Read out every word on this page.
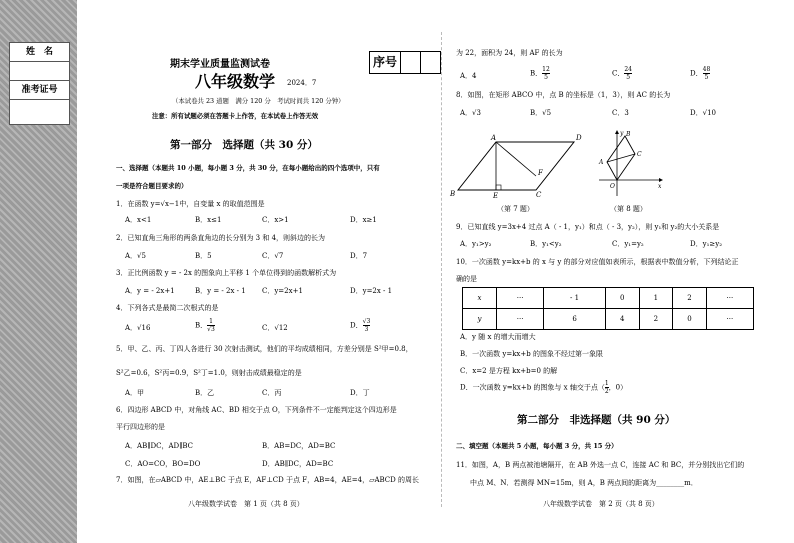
姓　名
准考证号
期末学业质量监测试卷
八年级数学 2024．7
（本试卷共 23 道题　满分 120 分　考试时间共 120 分钟）
注意：所有试题必须在答题卡上作答，在本试卷上作答无效
序号
第一部分　选择题（共 30 分）
一、选择题（本题共 10 小题，每小题 3 分，共 30 分，在每小题给出的四个选项中，只有
一项是符合题目要求的）
1．在函数 y=√x−1中，自变量 x 的取值范围是
A．x<1	B．x≤1	C．x>1	D．x≥1
2．已知直角三角形的两条直角边的长分别为 3 和 4，则斜边的长为
A．√5	B．5	C．√7	D．7
3．正比例函数 y = - 2x 的图象向上平移 1 个单位得到的函数解析式为
A．y = - 2x+1	B．y = - 2x - 1 C．y=2x+1	D．y=2x - 1
4．下列各式是最简二次根式的是
A．√16	B． $\frac{1}{√3}$	C．√12	D． $\frac{√3}{3}$
5．甲、乙、丙、丁四人各进行 30 次射击测试，他们的平均成绩相同，方差分别是 S²甲=0.8，
S²乙=0.6，S²丙=0.9，S²丁=1.0，则射击成绩最稳定的是
A．甲	B．乙	C．丙	D．丁
6．四边形 ABCD 中，对角线 AC、BD 相交于点 O，下列条件不一定能判定这个四边形是
平行四边形的是
A．AB∥DC，AD∥BC	B．AB=DC，AD=BC
C．AO=CO，BO=DO	D．AB∥DC，AD=BC
7．如图，在▱ABCD 中，AE⊥BC 于点 E，AF⊥CD 于点 F，AB=4，AE=4，▱ABCD 的周长
八年级数学试卷　第 1 页（共 8 页）
为 22，面积为 24，则 AF 的长为
A．4	B． $\frac{12}{5}$	C． $\frac{24}{5}$	D． $\frac{48}{5}$
8．如图，在矩形 ABCO 中，点 B 的坐标是（1，3），则 AC 的长为
A．√3	B．√5	C．3	D．√10
A
B	C
D
E
F
（第 7 题）
A
B
C
O	x
y
（第 8 题）
9．已知直线 y=3x+4 过点 A（ - 1，y₁）和点（ - 3，y₂），则 y₁和 y₂的大小关系是
A．y₁>y₂	B．y₁<y₂	C．y₁=y₂	D．y₁≥y₂
10．一次函数 y=kx+b 的 x 与 y 的部分对应值如表所示，根据表中数值分析，下列结论正
确的是
x	···	- 1	0	1	2	···
y	···	6	4	2	0	···
A．y 随 x 的增大而增大
B．一次函数 y=kx+b 的图象不经过第一象限
C．x=2 是方程 kx+b=0 的解
D．一次函数 y=kx+b 的图象与 x 轴交于点（ $\frac{1}{2}$ ，0）
第二部分　非选择题（共 90 分）
二、填空题（本题共 5 小题，每小题 3 分，共 15 分）
11．如图，A，B 两点被池塘隔开，在 AB 外选一点 C，连接 AC 和 BC，并分别找出它们的
中点 M、N．若测得 MN=15m，则 A，B 两点间的距离为________m．
八年级数学试卷　第 2 页（共 8 页）
